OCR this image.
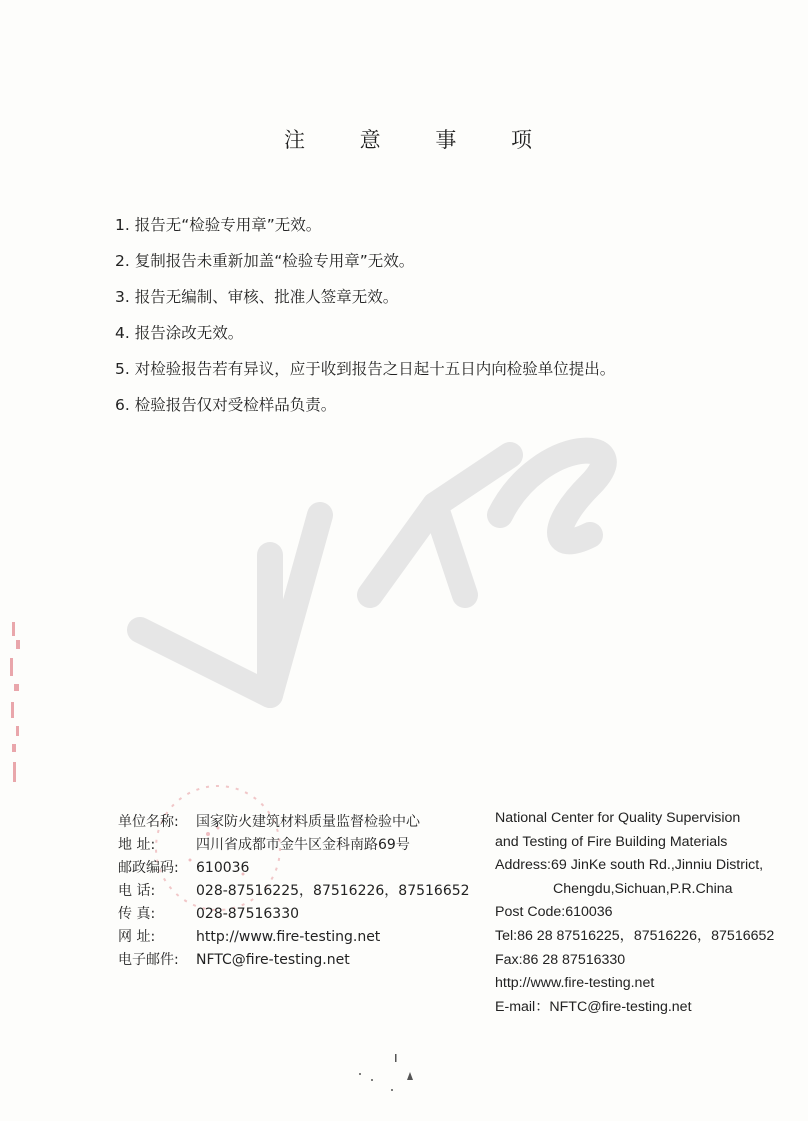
注 意 事 项
1. 报告无“检验专用章”无效。
2. 复制报告未重新加盖“检验专用章”无效。
3. 报告无编制、审核、批准人签章无效。
4. 报告涂改无效。
5. 对检验报告若有异议，应于收到报告之日起十五日内向检验单位提出。
6. 检验报告仅对受检样品负责。
单位名称:	国家防火建筑材料质量监督检验中心
地 址:	四川省成都市金牛区金科南路69号
邮政编码:	610036
电 话:	028-87516225，87516226，87516652
传 真:	028-87516330
网 址:	http://www.fire-testing.net
电子邮件:	NFTC@fire-testing.net
National Center for Quality Supervision
and Testing of Fire Building Materials
Address:69 JinKe south Rd.,Jinniu District,
Chengdu,Sichuan,P.R.China
Post Code:610036
Tel:86 28 87516225，87516226，87516652
Fax:86 28 87516330
http://www.fire-testing.net
E-mail：NFTC@fire-testing.net
